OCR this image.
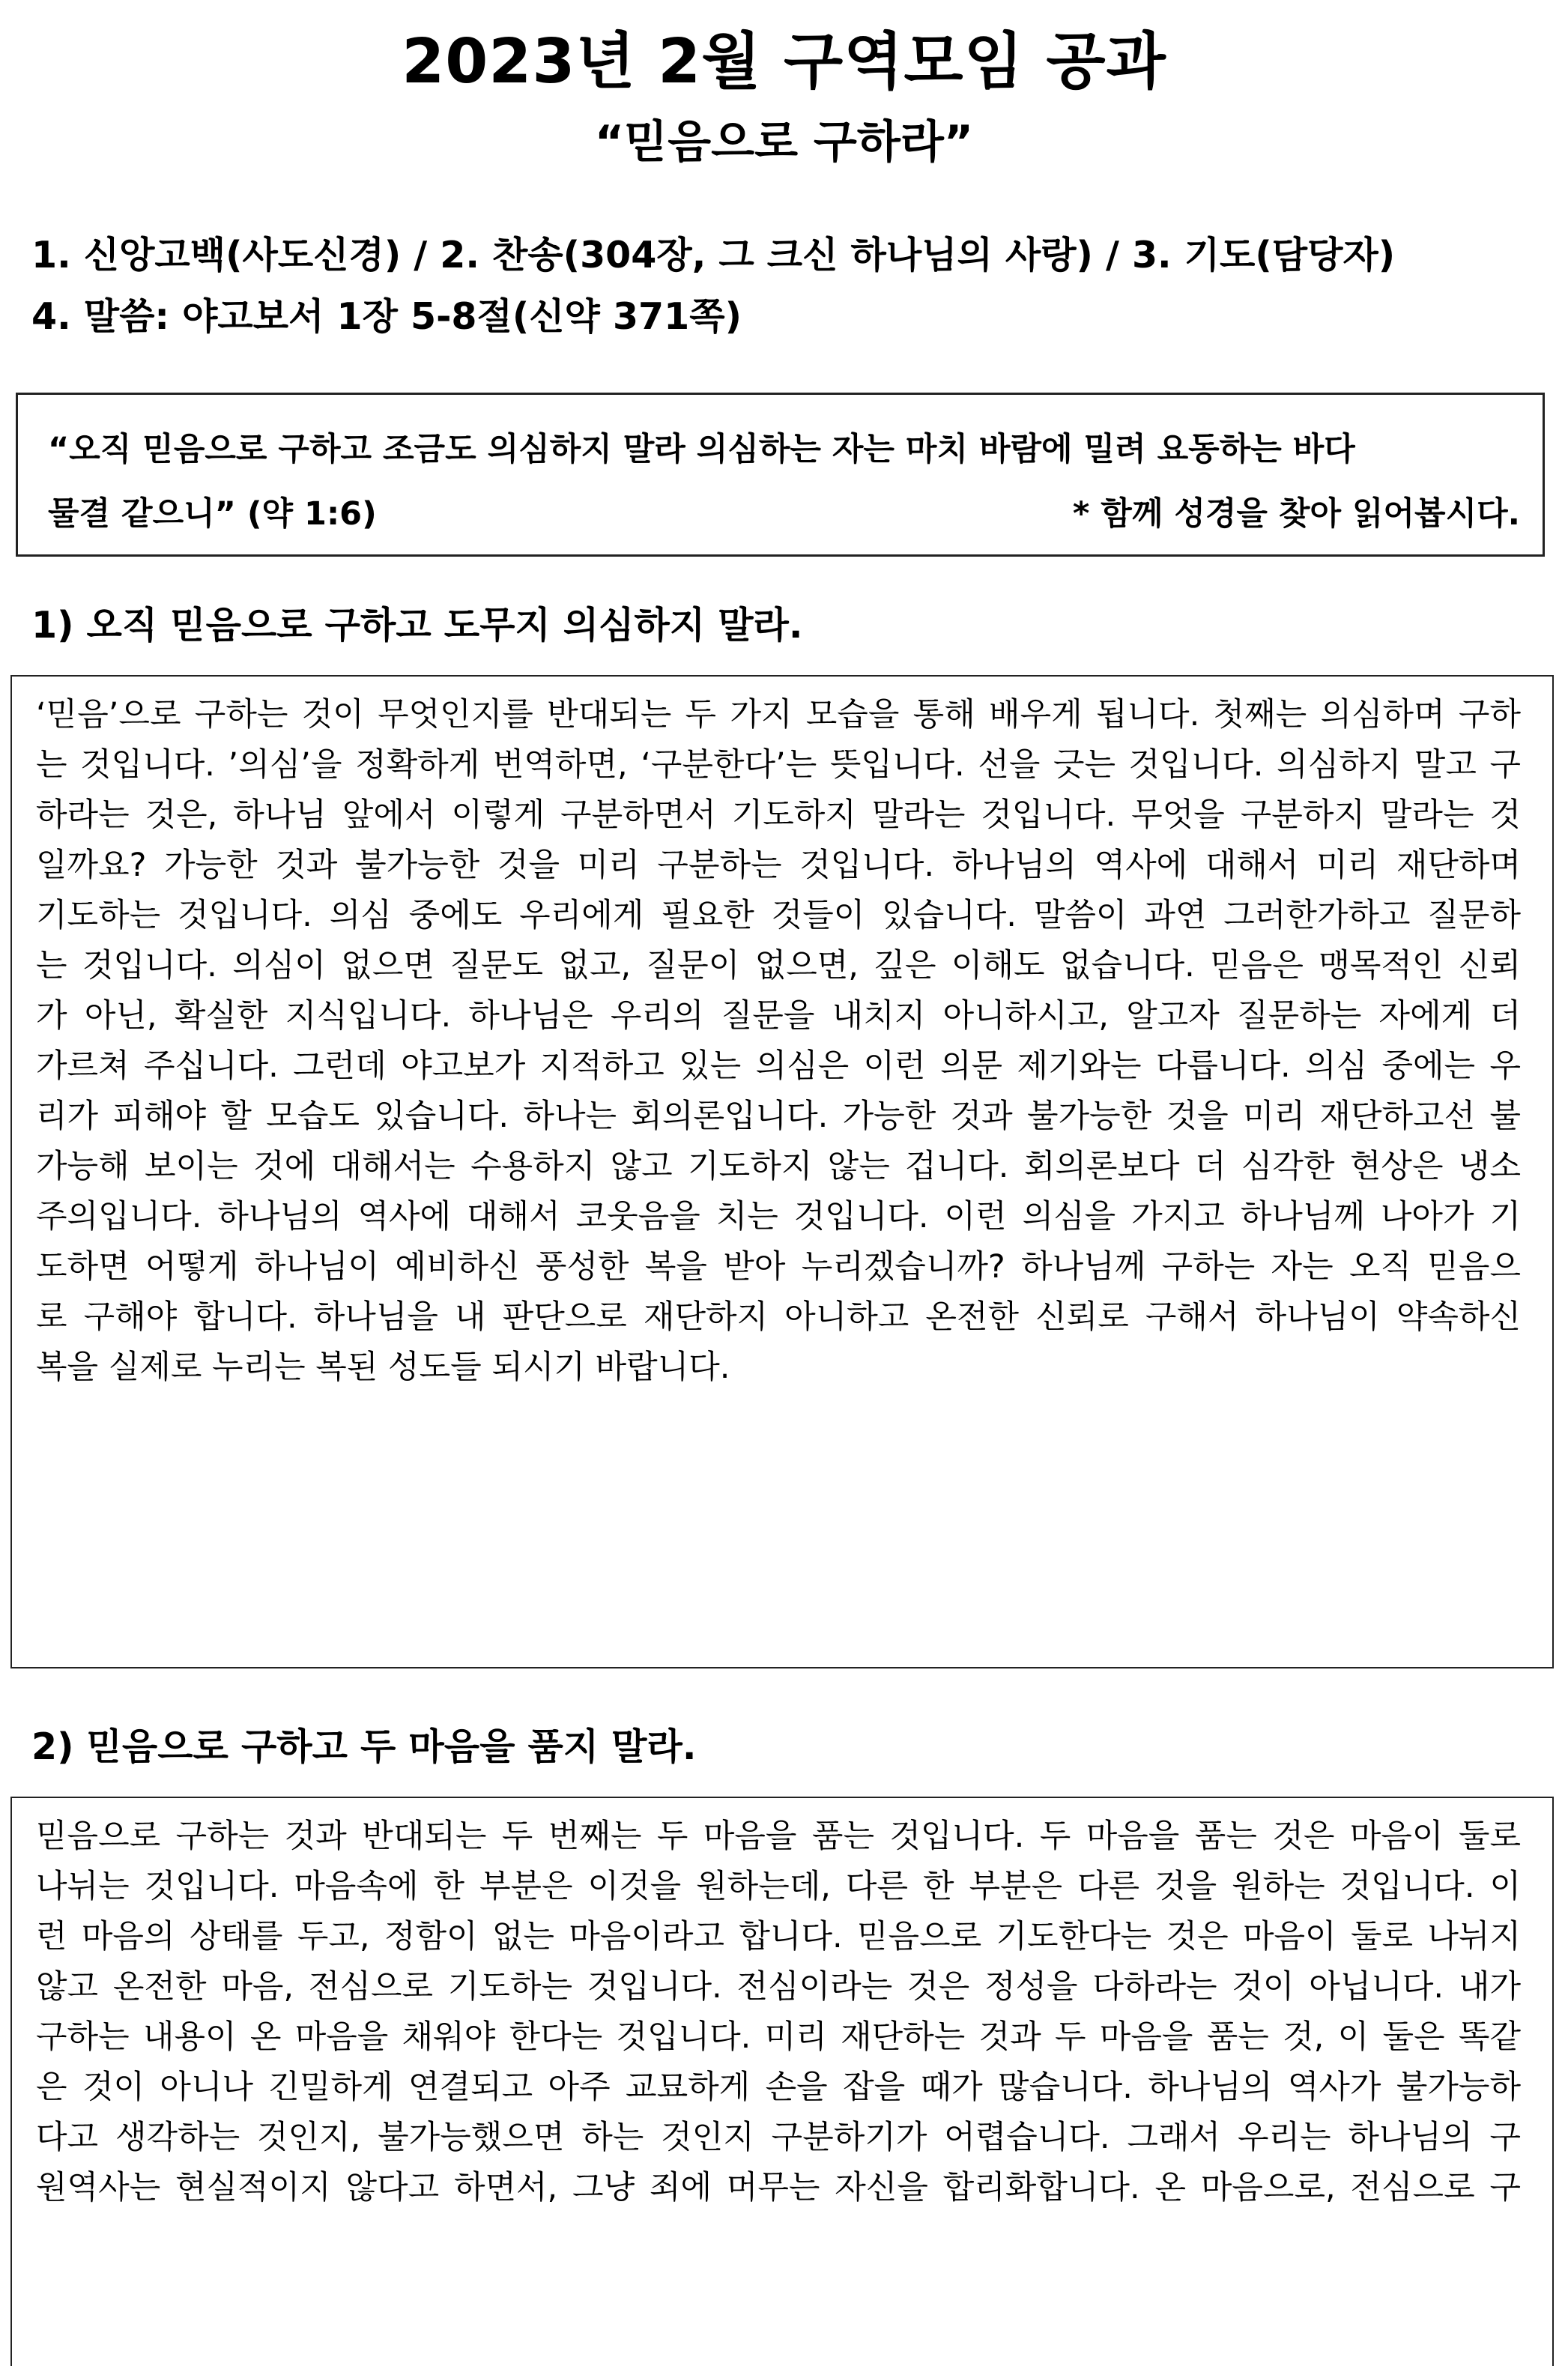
2023년 2월 구역모임 공과
“믿음으로 구하라”
1. 신앙고백(사도신경) / 2. 찬송(304장, 그 크신 하나님의 사랑) / 3. 기도(담당자)
4. 말씀: 야고보서 1장 5-8절(신약 371쪽)
“오직 믿음으로 구하고 조금도 의심하지 말라 의심하는 자는 마치 바람에 밀려 요동하는 바다
물결 같으니” (약 1:6)	* 함께 성경을 찾아 읽어봅시다.
1) 오직 믿음으로 구하고 도무지 의심하지 말라.
‘믿음’으로 구하는 것이 무엇인지를 반대되는 두 가지 모습을 통해 배우게 됩니다. 첫째는 의심하며 구하
는 것입니다. ’의심’을 정확하게 번역하면, ‘구분한다’는 뜻입니다. 선을 긋는 것입니다. 의심하지 말고 구
하라는 것은, 하나님 앞에서 이렇게 구분하면서 기도하지 말라는 것입니다. 무엇을 구분하지 말라는 것
일까요? 가능한 것과 불가능한 것을 미리 구분하는 것입니다. 하나님의 역사에 대해서 미리 재단하며
기도하는 것입니다. 의심 중에도 우리에게 필요한 것들이 있습니다. 말씀이 과연 그러한가하고 질문하
는 것입니다. 의심이 없으면 질문도 없고, 질문이 없으면, 깊은 이해도 없습니다. 믿음은 맹목적인 신뢰
가 아닌, 확실한 지식입니다. 하나님은 우리의 질문을 내치지 아니하시고, 알고자 질문하는 자에게 더
가르쳐 주십니다. 그런데 야고보가 지적하고 있는 의심은 이런 의문 제기와는 다릅니다. 의심 중에는 우
리가 피해야 할 모습도 있습니다. 하나는 회의론입니다. 가능한 것과 불가능한 것을 미리 재단하고선 불
가능해 보이는 것에 대해서는 수용하지 않고 기도하지 않는 겁니다. 회의론보다 더 심각한 현상은 냉소
주의입니다. 하나님의 역사에 대해서 코웃음을 치는 것입니다. 이런 의심을 가지고 하나님께 나아가 기
도하면 어떻게 하나님이 예비하신 풍성한 복을 받아 누리겠습니까? 하나님께 구하는 자는 오직 믿음으
로 구해야 합니다. 하나님을 내 판단으로 재단하지 아니하고 온전한 신뢰로 구해서 하나님이 약속하신
복을 실제로 누리는 복된 성도들 되시기 바랍니다.
2) 믿음으로 구하고 두 마음을 품지 말라.
믿음으로 구하는 것과 반대되는 두 번째는 두 마음을 품는 것입니다. 두 마음을 품는 것은 마음이 둘로
나뉘는 것입니다. 마음속에 한 부분은 이것을 원하는데, 다른 한 부분은 다른 것을 원하는 것입니다. 이
런 마음의 상태를 두고, 정함이 없는 마음이라고 합니다. 믿음으로 기도한다는 것은 마음이 둘로 나뉘지
않고 온전한 마음, 전심으로 기도하는 것입니다. 전심이라는 것은 정성을 다하라는 것이 아닙니다. 내가
구하는 내용이 온 마음을 채워야 한다는 것입니다. 미리 재단하는 것과 두 마음을 품는 것, 이 둘은 똑같
은 것이 아니나 긴밀하게 연결되고 아주 교묘하게 손을 잡을 때가 많습니다. 하나님의 역사가 불가능하
다고 생각하는 것인지, 불가능했으면 하는 것인지 구분하기가 어렵습니다. 그래서 우리는 하나님의 구
원역사는 현실적이지 않다고 하면서, 그냥 죄에 머무는 자신을 합리화합니다. 온 마음으로, 전심으로 구
